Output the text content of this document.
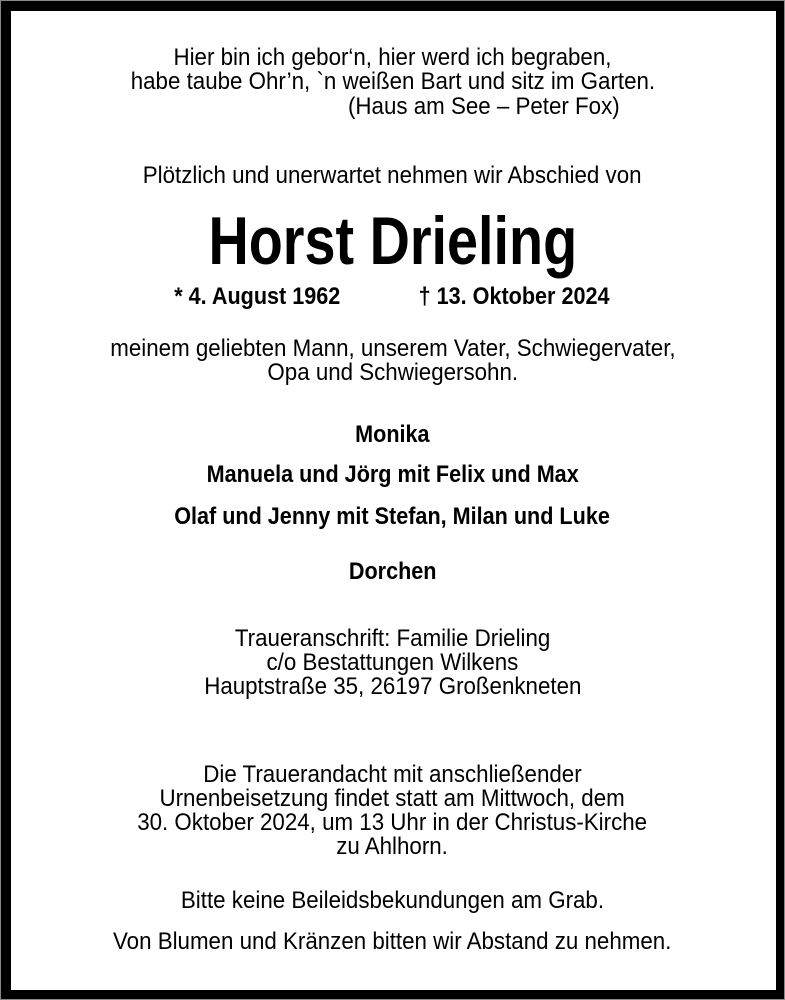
Hier bin ich gebor‘n, hier werd ich begraben,
habe taube Ohr’n, `n weißen Bart und sitz im Garten.
(Haus am See – Peter Fox)
Plötzlich und unerwartet nehmen wir Abschied von
Horst Drieling
* 4. August 1962	† 13. Oktober 2024
meinem geliebten Mann, unserem Vater, Schwiegervater,
Opa und Schwiegersohn.
Monika
Manuela und Jörg mit Felix und Max
Olaf und Jenny mit Stefan, Milan und Luke
Dorchen
Traueranschrift: Familie Drieling
c/o Bestattungen Wilkens
Hauptstraße 35, 26197 Großenkneten
Die Trauerandacht mit anschließender
Urnenbeisetzung findet statt am Mittwoch, dem
30. Oktober 2024, um 13 Uhr in der Christus-Kirche
zu Ahlhorn.
Bitte keine Beileidsbekundungen am Grab.
Von Blumen und Kränzen bitten wir Abstand zu nehmen.
